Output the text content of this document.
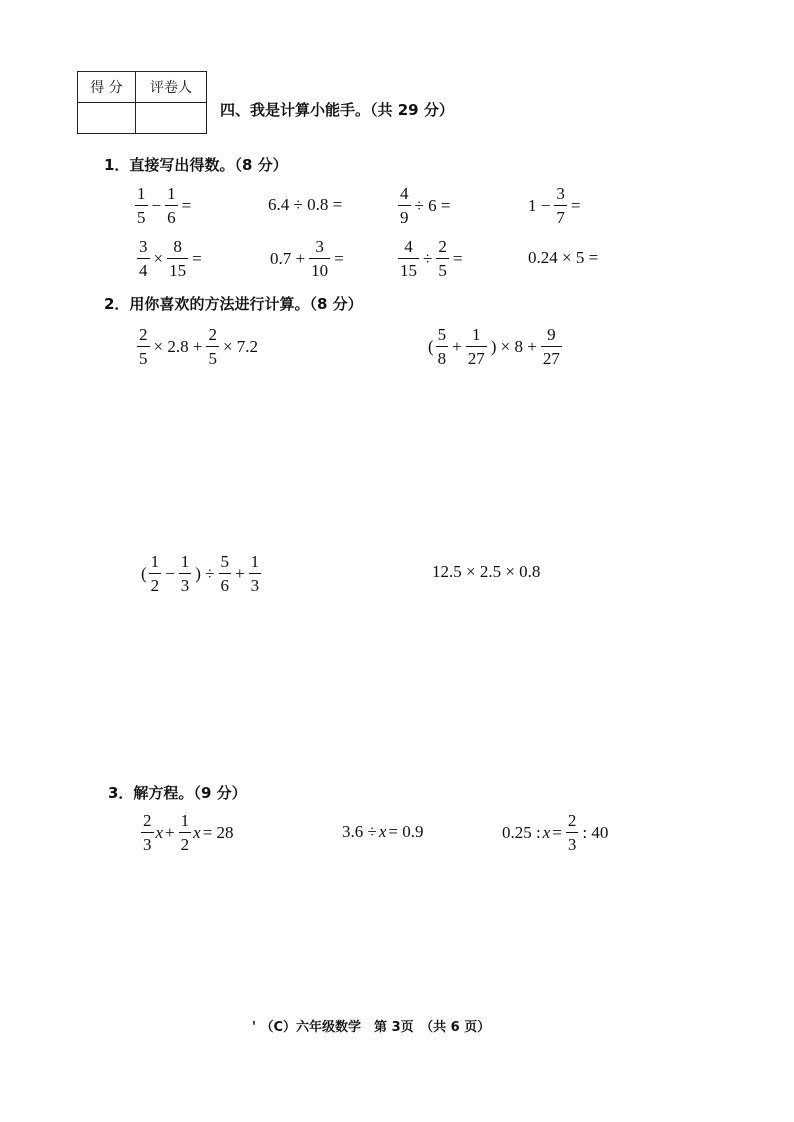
得 分	评卷人

四、我是计算小能手。（共 29 分）
1．直接写出得数。（8 分）
$\frac{1}{5} - \frac{1}{6}$ =	6.4 ÷ 0.8 =	$\frac{4}{9} \div 6$ =	$1 - \frac{3}{7}$ =
$\frac{3}{4} \times \frac{8}{15}$ =	$0.7 + \frac{3}{10}$ =	$\frac{4}{15} \div \frac{2}{5}$ =	0.24 × 5 =
2．用你喜欢的方法进行计算。（8 分）
$\frac{2}{5} \times 2.8 + \frac{2}{5} \times 7.2$	( $\frac{5}{8} + \frac{1}{27}$ ) × $8 + \frac{9}{27}$
( $\frac{1}{2} - \frac{1}{3}$ ) ÷ $\frac{5}{6} + \frac{1}{3}$	12.5 × 2.5 × 0.8
3．解方程。（9 分）
$\frac{2}{3}$ $x + \frac{1}{2}$ x = 28	3.6 ÷ x = 0.9	0.25 : $x = \frac{2}{3}$ : 40
' （C）六年级数学　第 3页　（共 6 页）
